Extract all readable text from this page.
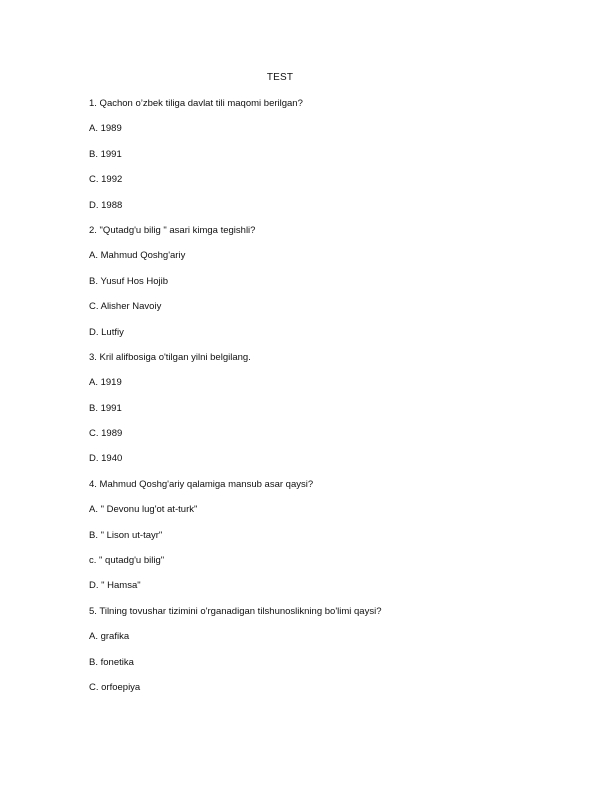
TEST
1. Qachon o’zbek tiliga davlat tili maqomi berilgan?
A. 1989
B. 1991
C. 1992
D. 1988
2. "Qutadg'u bilig " asari kimga tegishli?
A. Mahmud Qoshg'ariy
B. Yusuf Hos Hojib
C. Alisher Navoiy
D. Lutfiy
3. Kril alifbosiga o'tilgan yilni belgilang.
A. 1919
B. 1991
C. 1989
D. 1940
4. Mahmud Qoshg'ariy qalamiga mansub asar qaysi?
A. " Devonu lug'ot at-turk"
B. " Lison ut-tayr"
c. " qutadg'u bilig"
D. " Hamsa"
5. Tilning tovushar tizimini o'rganadigan tilshunoslikning bo'limi qaysi?
A. grafika
B. fonetika
C. orfoepiya
